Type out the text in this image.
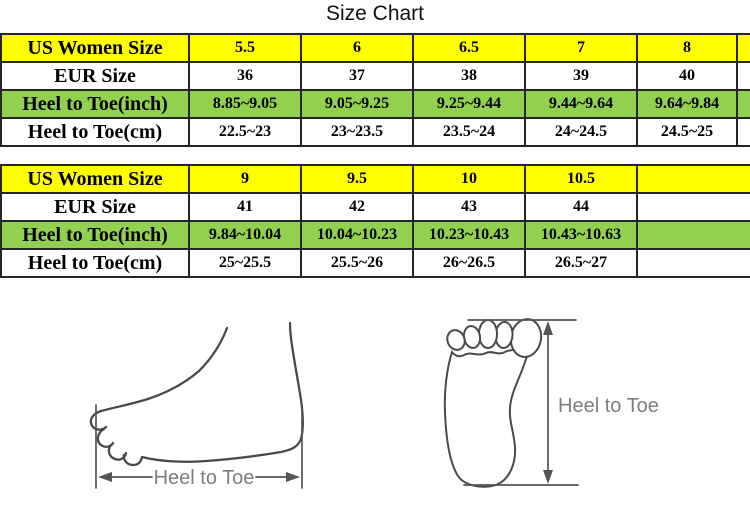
Size Chart
US Women Size	5.5	6	6.5	7	8	
EUR Size	36	37	38	39	40	
Heel to Toe(inch)	8.85~9.05	9.05~9.25	9.25~9.44	9.44~9.64	9.64~9.84	
Heel to Toe(cm)	22.5~23	23~23.5	23.5~24	24~24.5	24.5~25	
US Women Size	9	9.5	10	10.5	
EUR Size	41	42	43	44	
Heel to Toe(inch)	9.84~10.04	10.04~10.23	10.23~10.43	10.43~10.63	
Heel to Toe(cm)	25~25.5	25.5~26	26~26.5	26.5~27	
Heel to Toe
Heel to Toe
